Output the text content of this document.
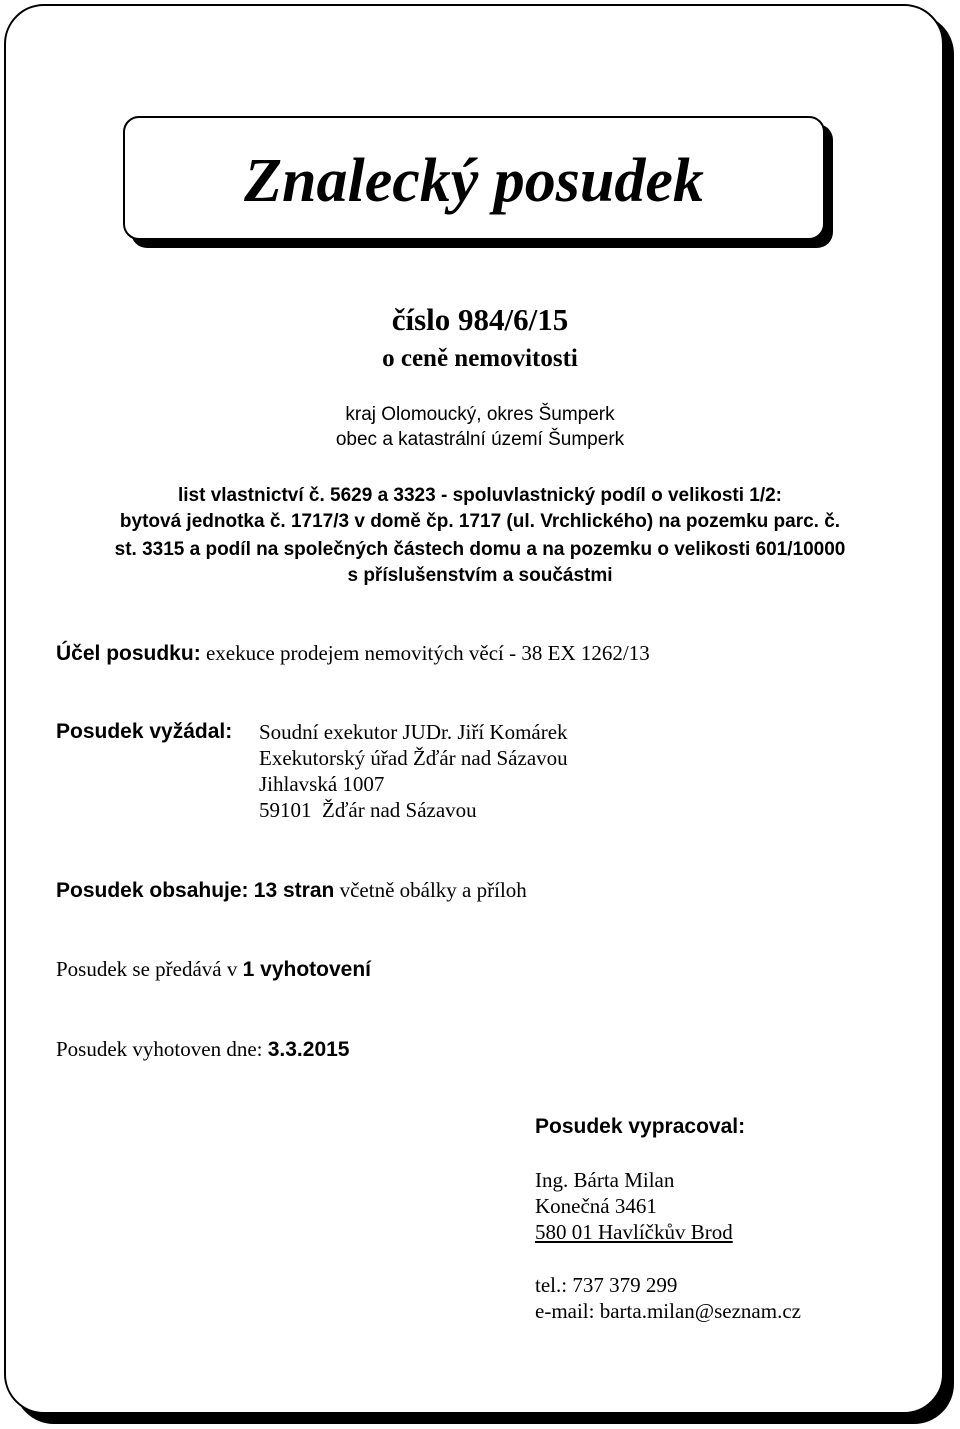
Znalecký posudek
číslo 984/6/15
o ceně nemovitosti
kraj Olomoucký, okres Šumperk
obec a katastrální území Šumperk
list vlastnictví č. 5629 a 3323 - spoluvlastnický podíl o velikosti 1/2:
bytová jednotka č. 1717/3 v domě čp. 1717 (ul. Vrchlického) na pozemku parc. č.
st. 3315 a podíl na společných částech domu a na pozemku o velikosti 601/10000
s příslušenstvím a součástmi
Účel posudku: exekuce prodejem nemovitých věcí - 38 EX 1262/13
Posudek vyžádal: Soudní exekutor JUDr. Jiří Komárek
Exekutorský úřad Žďár nad Sázavou
Jihlavská 1007
59101  Žďár nad Sázavou
Posudek obsahuje: 13 stran včetně obálky a příloh
Posudek se předává v 1 vyhotovení
Posudek vyhotoven dne: 3.3.2015
Posudek vypracoval:
Ing. Bárta Milan
Konečná 3461
580 01 Havlíčkův Brod
tel.: 737 379 299
e-mail: barta.milan@seznam.cz
